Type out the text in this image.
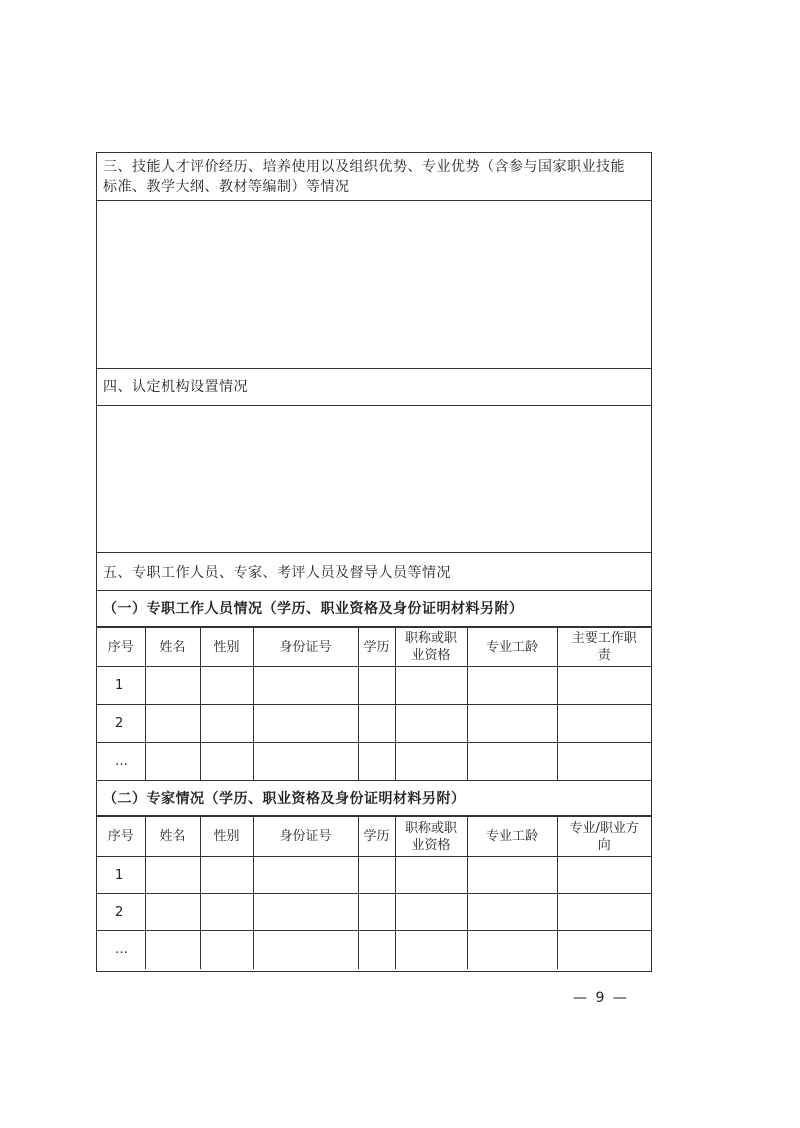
三、技能人才评价经历、培养使用以及组织优势、专业优势（含参与国家职业技能
标准、教学大纲、教材等编制）等情况
四、认定机构设置情况
五、专职工作人员、专家、考评人员及督导人员等情况
（一）专职工作人员情况（学历、职业资格及身份证明材料另附）
序号	姓名	性别	身份证号	学历	职称或职业资格	专业工龄	主要工作职责
1							
2							
…							
（二）专家情况（学历、职业资格及身份证明材料另附）
序号	姓名	性别	身份证号	学历	职称或职业资格	专业工龄	专业/职业方向
1							
2							
…							
— 9 —
